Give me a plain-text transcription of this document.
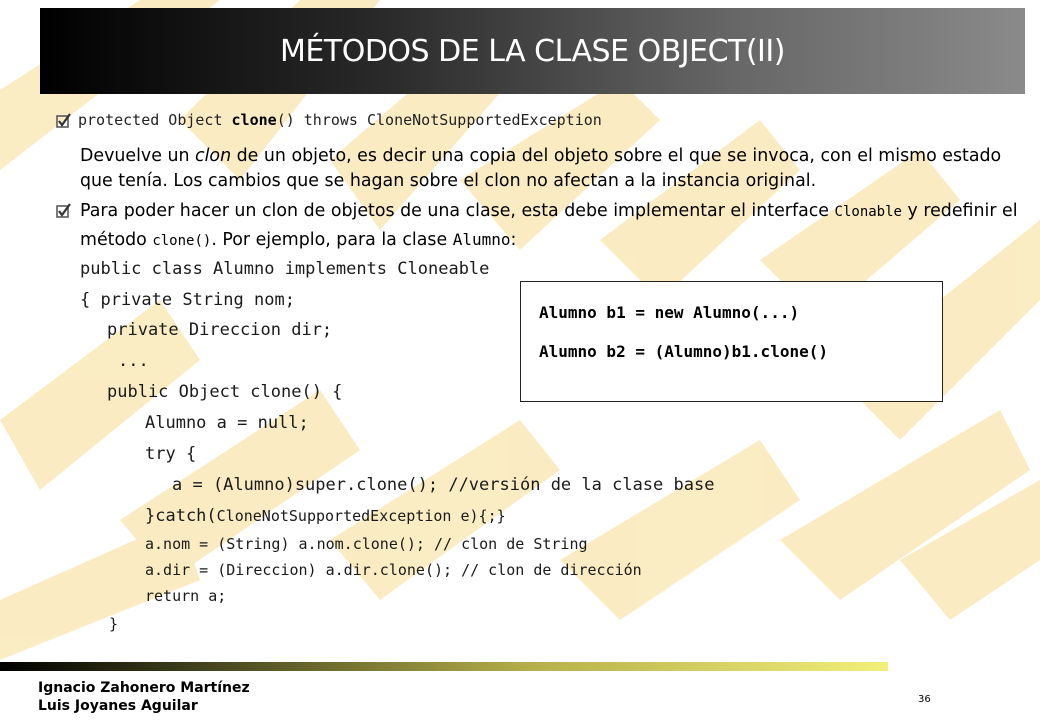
MÉTODOS DE LA CLASE OBJECT(II)
protected Object clone() throws CloneNotSupportedException
Devuelve un clon de un objeto, es decir una copia del objeto sobre el que se invoca, con el mismo estado que tenía. Los cambios que se hagan sobre el clon no afectan a la instancia original.
Para poder hacer un clon de objetos de una clase, esta debe implementar el interface Clonable y redefinir el método clone(). Por ejemplo, para la clase Alumno:
public class Alumno implements Cloneable
{ private String nom;
private Direccion dir;
...
public Object clone() {
Alumno a = null;
try {
a = (Alumno)super.clone(); //versión de la clase base
}catch(CloneNotSupportedException e){;}
a.nom = (String) a.nom.clone(); // clon de String
a.dir = (Direccion) a.dir.clone(); // clon de dirección
return a;
}
Alumno b1 = new Alumno(...)
Alumno b2 = (Alumno)b1.clone()
Ignacio Zahonero Martínez
Luis Joyanes Aguilar	36
